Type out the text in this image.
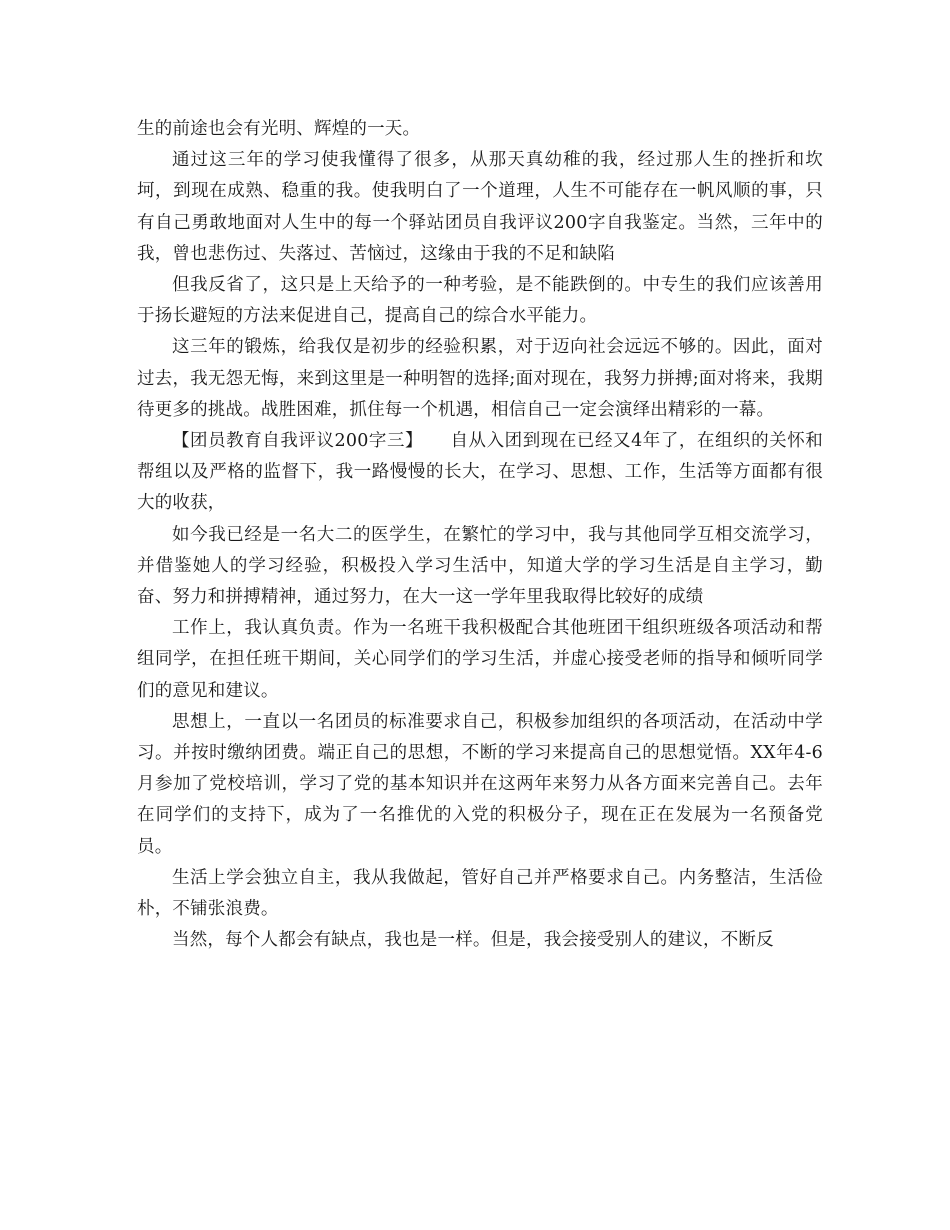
生的前途也会有光明、辉煌的一天。

通过这三年的学习使我懂得了很多，从那天真幼稚的我，经过那人生的挫折和坎坷，到现在成熟、稳重的我。使我明白了一个道理，人生不可能存在一帆风顺的事，只有自己勇敢地面对人生中的每一个驿站团员自我评议200字自我鉴定。当然，三年中的我，曾也悲伤过、失落过、苦恼过，这缘由于我的不足和缺陷

但我反省了，这只是上天给予的一种考验，是不能跌倒的。中专生的我们应该善用于扬长避短的方法来促进自己，提高自己的综合水平能力。

这三年的锻炼，给我仅是初步的经验积累，对于迈向社会远远不够的。因此，面对过去，我无怨无悔，来到这里是一种明智的选择;面对现在，我努力拼搏;面对将来，我期待更多的挑战。战胜困难，抓住每一个机遇，相信自己一定会演绎出精彩的一幕。

【团员教育自我评议200字三】　　 自从入团到现在已经又4年了，在组织的关怀和帮组以及严格的监督下，我一路慢慢的长大，在学习、思想、工作，生活等方面都有很大的收获，

如今我已经是一名大二的医学生，在繁忙的学习中，我与其他同学互相交流学习，并借鉴她人的学习经验，积极投入学习生活中，知道大学的学习生活是自主学习，勤奋、努力和拼搏精神，通过努力，在大一这一学年里我取得比较好的成绩

工作上，我认真负责。作为一名班干我积极配合其他班团干组织班级各项活动和帮组同学，在担任班干期间，关心同学们的学习生活，并虚心接受老师的指导和倾听同学们的意见和建议。

思想上，一直以一名团员的标准要求自己，积极参加组织的各项活动，在活动中学习。并按时缴纳团费。端正自己的思想，不断的学习来提高自己的思想觉悟。XX年4-6月参加了党校培训，学习了党的基本知识并在这两年来努力从各方面来完善自己。去年在同学们的支持下，成为了一名推优的入党的积极分子，现在正在发展为一名预备党员。

生活上学会独立自主，我从我做起，管好自己并严格要求自己。内务整洁，生活俭朴，不铺张浪费。

当然，每个人都会有缺点，我也是一样。但是，我会接受别人的建议，不断反
